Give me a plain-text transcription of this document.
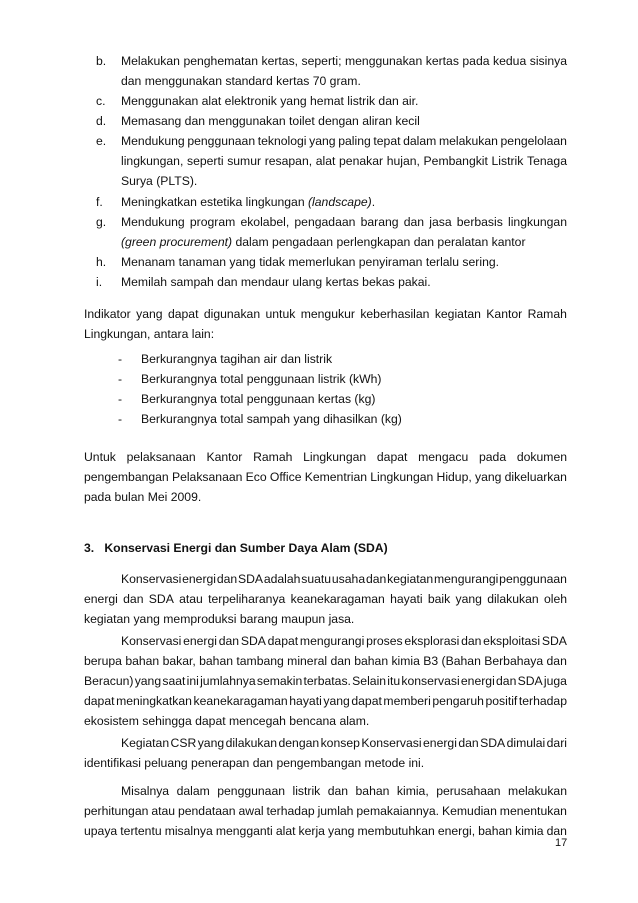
b. Melakukan penghematan kertas, seperti; menggunakan kertas pada kedua sisinya
dan menggunakan standard kertas 70 gram.
c. Menggunakan alat elektronik yang hemat listrik dan air.
d. Memasang dan menggunakan toilet dengan aliran kecil
e. Mendukung penggunaan teknologi yang paling tepat dalam melakukan pengelolaan
lingkungan, seperti sumur resapan, alat penakar hujan, Pembangkit Listrik Tenaga
Surya (PLTS).
f. Meningkatkan estetika lingkungan (landscape).
g. Mendukung program ekolabel, pengadaan barang dan jasa berbasis lingkungan
(green procurement) dalam pengadaan perlengkapan dan peralatan kantor
h. Menanam tanaman yang tidak memerlukan penyiraman terlalu sering.
i. Memilah sampah dan mendaur ulang kertas bekas pakai.
Indikator yang dapat digunakan untuk mengukur keberhasilan kegiatan Kantor Ramah
Lingkungan, antara lain:
- Berkurangnya tagihan air dan listrik
- Berkurangnya total penggunaan listrik (kWh)
- Berkurangnya total penggunaan kertas (kg)
- Berkurangnya total sampah yang dihasilkan (kg)
Untuk pelaksanaan Kantor Ramah Lingkungan dapat mengacu pada dokumen
pengembangan Pelaksanaan Eco Office Kementrian Lingkungan Hidup, yang dikeluarkan
pada bulan Mei 2009.
3.   Konservasi Energi dan Sumber Daya Alam (SDA)
Konservasi energi dan SDA adalah suatu usaha dan kegiatan mengurangi penggunaan
energi dan SDA atau terpeliharanya keanekaragaman hayati baik yang dilakukan oleh
kegiatan yang memproduksi barang maupun jasa.
Konservasi energi dan SDA dapat mengurangi proses eksplorasi dan eksploitasi SDA
berupa bahan bakar, bahan tambang mineral dan bahan kimia B3 (Bahan Berbahaya dan
Beracun) yang saat ini jumlahnya semakin terbatas. Selain itu konservasi energi dan SDA juga
dapat meningkatkan keanekaragaman hayati yang dapat memberi pengaruh positif terhadap
ekosistem sehingga dapat mencegah bencana alam.
Kegiatan CSR yang dilakukan dengan konsep Konservasi energi dan SDA dimulai dari
identifikasi peluang penerapan dan pengembangan metode ini.
Misalnya dalam penggunaan listrik dan bahan kimia, perusahaan melakukan
perhitungan atau pendataan awal terhadap jumlah pemakaiannya. Kemudian menentukan
upaya tertentu misalnya mengganti alat kerja yang membutuhkan energi, bahan kimia dan
17
